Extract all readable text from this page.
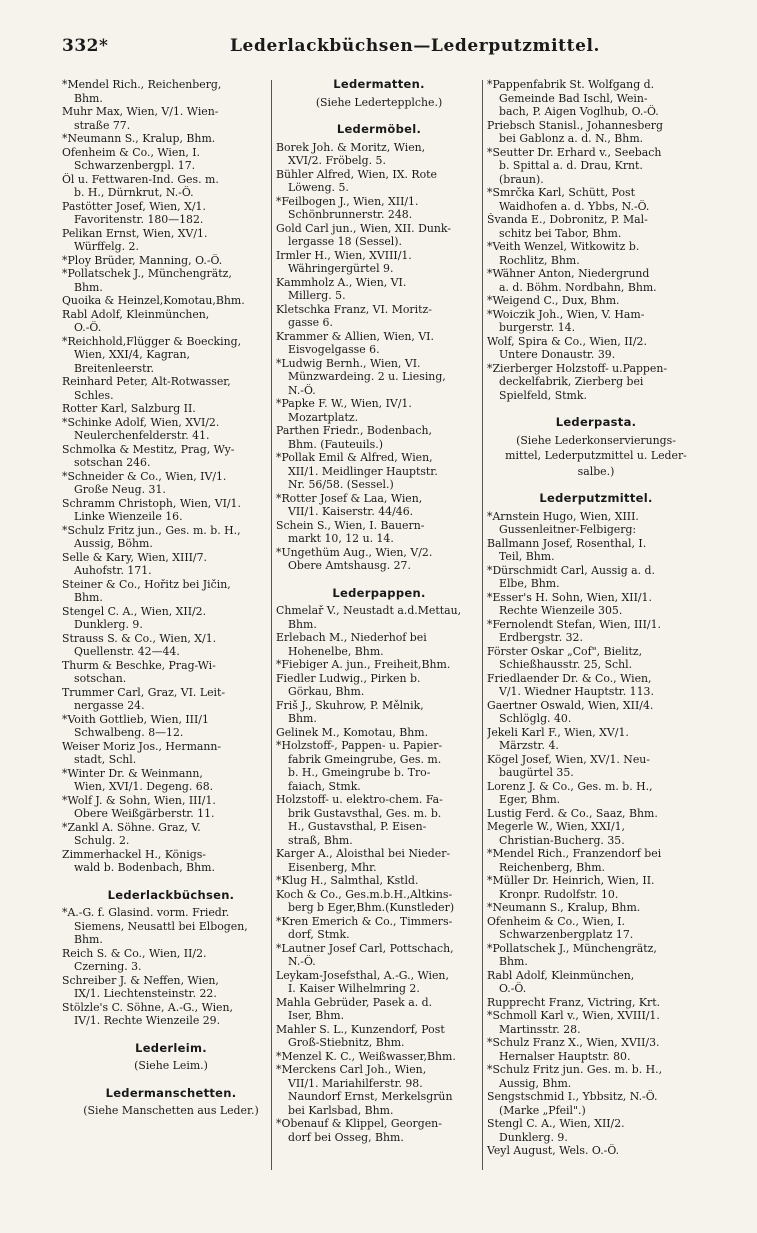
332*	Lederlackbüchsen—Lederputzmittel.
*Mendel Rich., Reichenberg,
Bhm.
Muhr Max, Wien, V/1. Wien-
straße 77.
*Neumann S., Kralup, Bhm.
Ofenheim & Co., Wien, I.
Schwarzenbergpl. 17.
Öl u. Fettwaren-Ind. Ges. m.
b. H., Dürnkrut, N.-Ö.
Pastötter Josef, Wien, X/1.
Favoritenstr. 180—182.
Pelikan Ernst, Wien, XV/1.
Würffelg. 2.
*Ploy Brüder, Manning, O.-Ö.
*Pollatschek J., Münchengrätz,
Bhm.
Quoika & Heinzel,Komotau,Bhm.
Rabl Adolf, Kleinmünchen,
O.-Ö.
*Reichhold,Flügger & Boecking,
Wien, XXI/4, Kagran,
Breitenleerstr.
Reinhard Peter, Alt-Rotwasser,
Schles.
Rotter Karl, Salzburg II.
*Schinke Adolf, Wien, XVI/2.
Neulerchenfelderstr. 41.
Schmolka & Mestitz, Prag, Wy-
sotschan 246.
*Schneider & Co., Wien, IV/1.
Große Neug. 31.
Schramm Christoph, Wien, VI/1.
Linke Wienzeile 16.
*Schulz Fritz jun., Ges. m. b. H.,
Aussig, Böhm.
Selle & Kary, Wien, XIII/7.
Auhofstr. 171.
Steiner & Co., Hořitz bei Jičin,
Bhm.
Stengel C. A., Wien, XII/2.
Dunklerg. 9.
Strauss S. & Co., Wien, X/1.
Quellenstr. 42—44.
Thurm & Beschke, Prag-Wi-
sotschan.
Trummer Carl, Graz, VI. Leit-
nergasse 24.
*Voith Gottlieb, Wien, III/1
Schwalbeng. 8—12.
Weiser Moriz Jos., Hermann-
stadt, Schl.
*Winter Dr. & Weinmann,
Wien, XVI/1. Degeng. 68.
*Wolf J. & Sohn, Wien, III/1.
Obere Weißgärberstr. 11.
*Zankl A. Söhne. Graz, V.
Schulg. 2.
Zimmerhackel H., Königs-
wald b. Bodenbach, Bhm.
Lederlackbüchsen.
*A.-G. f. Glasind. vorm. Friedr.
Siemens, Neusattl bei Elbogen,
Bhm.
Reich S. & Co., Wien, II/2.
Czerning. 3.
Schreiber J. & Neffen, Wien,
IX/1. Liechtensteinstr. 22.
Stölzle's C. Söhne, A.-G., Wien,
IV/1. Rechte Wienzeile 29.
Lederleim.
(Siehe Leim.)
Ledermanschetten.
(Siehe Manschetten aus Leder.)
Ledermatten.
(Siehe Ledertepplche.)
Ledermöbel.
Borek Joh. & Moritz, Wien,
XVI/2. Fröbelg. 5.
Bühler Alfred, Wien, IX. Rote
Löweng. 5.
*Feilbogen J., Wien, XII/1.
Schönbrunnerstr. 248.
Gold Carl jun., Wien, XII. Dunk-
lergasse 18 (Sessel).
Irmler H., Wien, XVIII/1.
Währingergürtel 9.
Kammholz A., Wien, VI.
Millerg. 5.
Kletschka Franz, VI. Moritz-
gasse 6.
Krammer & Allien, Wien, VI.
Eisvogelgasse 6.
*Ludwig Bernh., Wien, VI.
Münzwardeing. 2 u. Liesing,
N.-Ö.
*Papke F. W., Wien, IV/1.
Mozartplatz.
Parthen Friedr., Bodenbach,
Bhm. (Fauteuils.)
*Pollak Emil & Alfred, Wien,
XII/1. Meidlinger Hauptstr.
Nr. 56/58. (Sessel.)
*Rotter Josef & Laa, Wien,
VII/1. Kaiserstr. 44/46.
Schein S., Wien, I. Bauern-
markt 10, 12 u. 14.
*Ungethüm Aug., Wien, V/2.
Obere Amtshausg. 27.
Lederpappen.
Chmelař V., Neustadt a.d.Mettau,
Bhm.
Erlebach M., Niederhof bei
Hohenelbe, Bhm.
*Fiebiger A. jun., Freiheit,Bhm.
Fiedler Ludwig., Pirken b.
Görkau, Bhm.
Friš J., Skuhrow, P. Mělnik,
Bhm.
Gelinek M., Komotau, Bhm.
*Holzstoff-, Pappen- u. Papier-
fabrik Gmeingrube, Ges. m.
b. H., Gmeingrube b. Tro-
faiach, Stmk.
Holzstoff- u. elektro-chem. Fa-
brik Gustavsthal, Ges. m. b.
H., Gustavsthal, P. Eisen-
straß, Bhm.
Karger A., Aloisthal bei Nieder-
Eisenberg, Mhr.
*Klug H., Salmthal, Kstld.
Koch & Co., Ges.m.b.H.,Altkins-
berg b Eger,Bhm.(Kunstleder)
*Kren Emerich & Co., Timmers-
dorf, Stmk.
*Lautner Josef Carl, Pottschach,
N.-Ö.
Leykam-Josefsthal, A.-G., Wien,
I. Kaiser Wilhelmring 2.
Mahla Gebrüder, Pasek a. d.
Iser, Bhm.
Mahler S. L., Kunzendorf, Post
Groß-Stiebnitz, Bhm.
*Menzel K. C., Weißwasser,Bhm.
*Merckens Carl Joh., Wien,
VII/1. Mariahilferstr. 98.
Naundorf Ernst, Merkelsgrün
bei Karlsbad, Bhm.
*Obenauf & Klippel, Georgen-
dorf bei Osseg, Bhm.
*Pappenfabrik St. Wolfgang d.
Gemeinde Bad Ischl, Wein-
bach, P. Aigen Voglhub, O.-Ö.
Priebsch Stanisl., Johannesberg
bei Gablonz a. d. N., Bhm.
*Seutter Dr. Erhard v., Seebach
b. Spittal a. d. Drau, Krnt.
(braun).
*Smrčka Karl, Schütt, Post
Waidhofen a. d. Ybbs, N.-Ö.
Švanda E., Dobronitz, P. Mal-
schitz bei Tabor, Bhm.
*Veith Wenzel, Witkowitz b.
Rochlitz, Bhm.
*Wähner Anton, Niedergrund
a. d. Böhm. Nordbahn, Bhm.
*Weigend C., Dux, Bhm.
*Woiczik Joh., Wien, V. Ham-
burgerstr. 14.
Wolf, Spira & Co., Wien, II/2.
Untere Donaustr. 39.
*Zierberger Holzstoff- u.Pappen-
deckelfabrik, Zierberg bei
Spielfeld, Stmk.
Lederpasta.
(Siehe Lederkonservierungs-
mittel, Lederputzmittel u. Leder-
salbe.)
Lederputzmittel.
*Arnstein Hugo, Wien, XIII.
Gussenleitner-Felbigerg:
Ballmann Josef, Rosenthal, I.
Teil, Bhm.
*Dürschmidt Carl, Aussig a. d.
Elbe, Bhm.
*Esser's H. Sohn, Wien, XII/1.
Rechte Wienzeile 305.
*Fernolendt Stefan, Wien, III/1.
Erdbergstr. 32.
Förster Oskar „Cof", Bielitz,
Schießhausstr. 25, Schl.
Friedlaender Dr. & Co., Wien,
V/1. Wiedner Hauptstr. 113.
Gaertner Oswald, Wien, XII/4.
Schlöglg. 40.
Jekeli Karl F., Wien, XV/1.
Märzstr. 4.
Kögel Josef, Wien, XV/1. Neu-
baugürtel 35.
Lorenz J. & Co., Ges. m. b. H.,
Eger, Bhm.
Lustig Ferd. & Co., Saaz, Bhm.
Megerle W., Wien, XXI/1,
Christian-Bucherg. 35.
*Mendel Rich., Franzendorf bei
Reichenberg, Bhm.
*Müller Dr. Heinrich, Wien, II.
Kronpr. Rudolfstr. 10.
*Neumann S., Kralup, Bhm.
Ofenheim & Co., Wien, I.
Schwarzenbergplatz 17.
*Pollatschek J., Münchengrätz,
Bhm.
Rabl Adolf, Kleinmünchen,
O.-Ö.
Rupprecht Franz, Victring, Krt.
*Schmoll Karl v., Wien, XVIII/1.
Martinsstr. 28.
*Schulz Franz X., Wien, XVII/3.
Hernalser Hauptstr. 80.
*Schulz Fritz jun. Ges. m. b. H.,
Aussig, Bhm.
Sengstschmid I., Ybbsitz, N.-Ö.
(Marke „Pfeil".)
Stengl C. A., Wien, XII/2.
Dunklerg. 9.
Veyl August, Wels. O.-Ö.
